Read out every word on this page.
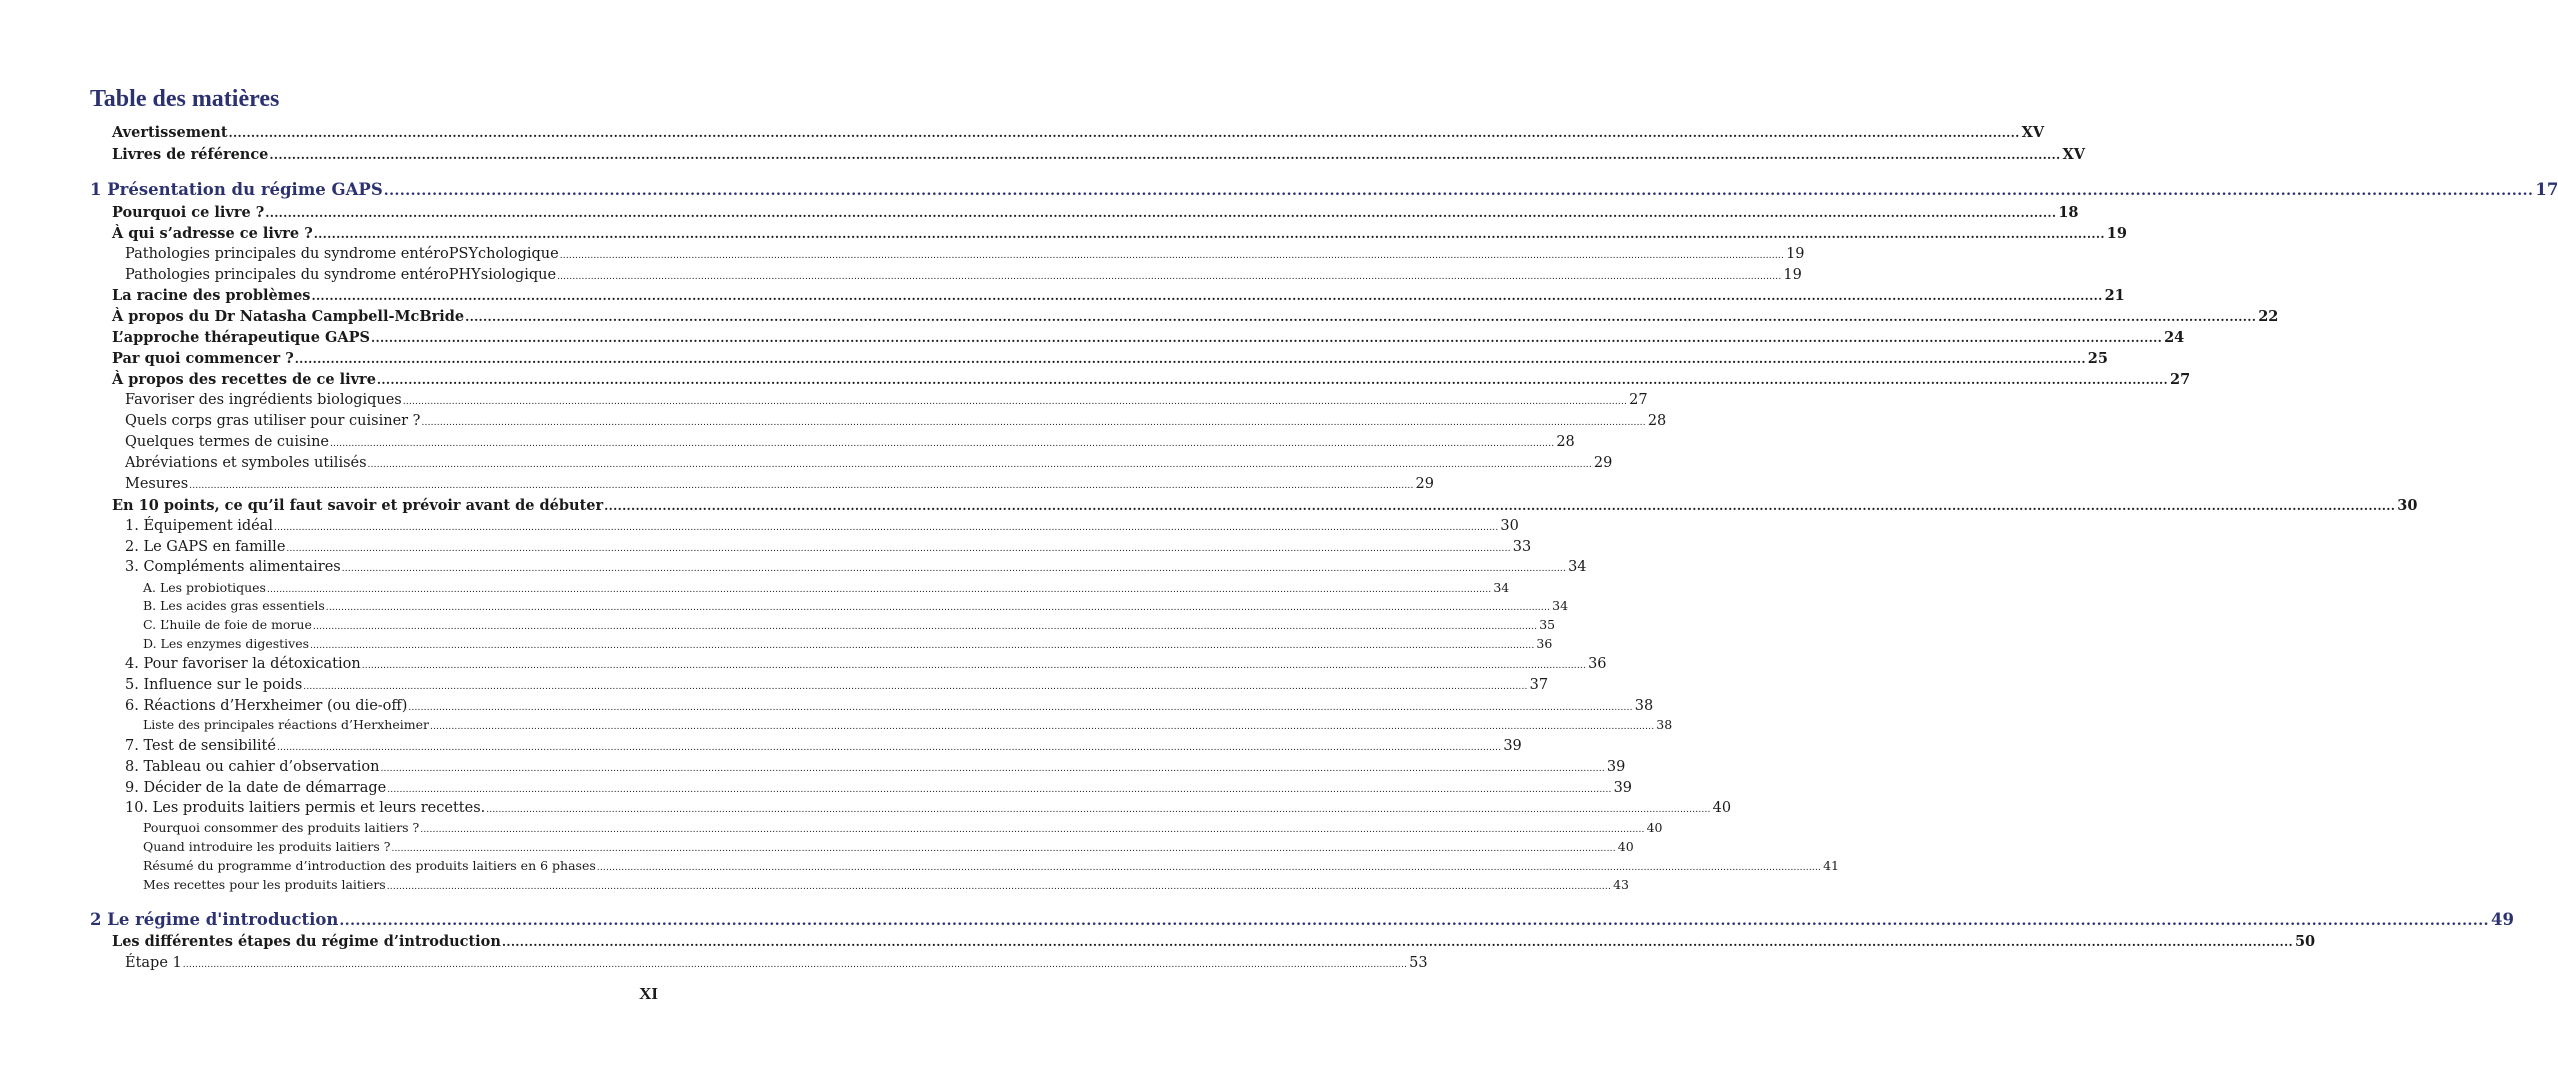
Table des matières
Avertissement ................................................................................................................................................................................................................................................................................................................................................................................................................ XV
Livres de référence ................................................................................................................................................................................................................................................................................................................................................................................................................ XV
1 Présentation du régime GAPS ................................................................................................................................................................................................................................................................................................................................................................................................................ 17
Pourquoi ce livre ? ................................................................................................................................................................................................................................................................................................................................................................................................................ 18
À qui s’adresse ce livre ? ................................................................................................................................................................................................................................................................................................................................................................................................................ 19
Pathologies principales du syndrome entéroPSYchologique ................................................................................................................................................................................................................................................................................................................................................................................................................ 19
Pathologies principales du syndrome entéroPHYsiologique ................................................................................................................................................................................................................................................................................................................................................................................................................ 19
La racine des problèmes ................................................................................................................................................................................................................................................................................................................................................................................................................ 21
À propos du Dr Natasha Campbell-McBride ................................................................................................................................................................................................................................................................................................................................................................................................................ 22
L’approche thérapeutique GAPS ................................................................................................................................................................................................................................................................................................................................................................................................................ 24
Par quoi commencer ? ................................................................................................................................................................................................................................................................................................................................................................................................................ 25
À propos des recettes de ce livre ................................................................................................................................................................................................................................................................................................................................................................................................................ 27
Favoriser des ingrédients biologiques ................................................................................................................................................................................................................................................................................................................................................................................................................ 27
Quels corps gras utiliser pour cuisiner ? ................................................................................................................................................................................................................................................................................................................................................................................................................ 28
Quelques termes de cuisine ................................................................................................................................................................................................................................................................................................................................................................................................................ 28
Abréviations et symboles utilisés ................................................................................................................................................................................................................................................................................................................................................................................................................ 29
Mesures ................................................................................................................................................................................................................................................................................................................................................................................................................ 29
En 10 points, ce qu’il faut savoir et prévoir avant de débuter ................................................................................................................................................................................................................................................................................................................................................................................................................ 30
1. Équipement idéal ................................................................................................................................................................................................................................................................................................................................................................................................................ 30
2. Le GAPS en famille ................................................................................................................................................................................................................................................................................................................................................................................................................ 33
3. Compléments alimentaires ................................................................................................................................................................................................................................................................................................................................................................................................................ 34
A. Les probiotiques ................................................................................................................................................................................................................................................................................................................................................................................................................ 34
B. Les acides gras essentiels ................................................................................................................................................................................................................................................................................................................................................................................................................ 34
C. L’huile de foie de morue ................................................................................................................................................................................................................................................................................................................................................................................................................ 35
D. Les enzymes digestives ................................................................................................................................................................................................................................................................................................................................................................................................................ 36
4. Pour favoriser la détoxication ................................................................................................................................................................................................................................................................................................................................................................................................................ 36
5. Influence sur le poids ................................................................................................................................................................................................................................................................................................................................................................................................................ 37
6. Réactions d’Herxheimer (ou die-off) ................................................................................................................................................................................................................................................................................................................................................................................................................ 38
Liste des principales réactions d’Herxheimer ................................................................................................................................................................................................................................................................................................................................................................................................................ 38
7. Test de sensibilité ................................................................................................................................................................................................................................................................................................................................................................................................................ 39
8. Tableau ou cahier d’observation ................................................................................................................................................................................................................................................................................................................................................................................................................ 39
9. Décider de la date de démarrage ................................................................................................................................................................................................................................................................................................................................................................................................................ 39
10. Les produits laitiers permis et leurs recettes. ................................................................................................................................................................................................................................................................................................................................................................................................................ 40
Pourquoi consommer des produits laitiers ? ................................................................................................................................................................................................................................................................................................................................................................................................................ 40
Quand introduire les produits laitiers ? ................................................................................................................................................................................................................................................................................................................................................................................................................ 40
Résumé du programme d’introduction des produits laitiers en 6 phases ................................................................................................................................................................................................................................................................................................................................................................................................................ 41
Mes recettes pour les produits laitiers ................................................................................................................................................................................................................................................................................................................................................................................................................ 43
2 Le régime d'introduction ................................................................................................................................................................................................................................................................................................................................................................................................................ 49
Les différentes étapes du régime d’introduction ................................................................................................................................................................................................................................................................................................................................................................................................................ 50
Étape 1 ................................................................................................................................................................................................................................................................................................................................................................................................................ 53
XI
